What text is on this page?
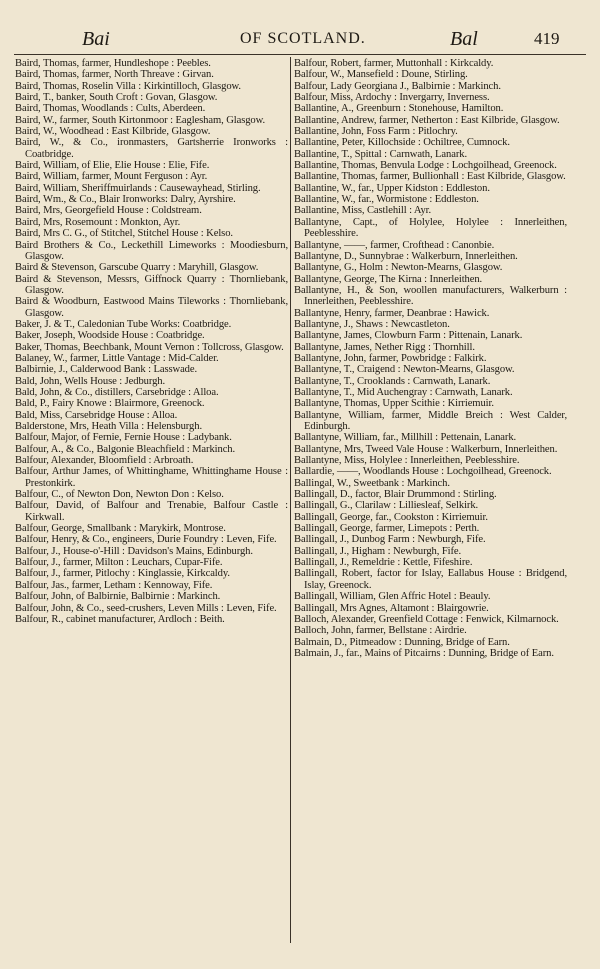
Bai	OF SCOTLAND.	Bal	419

Baird, Thomas, farmer, Hundleshope : Peebles.

Baird, Thomas, farmer, North Threave : Girvan.

Baird, Thomas, Roselin Villa : Kirkintilloch, Glasgow.

Baird, T., banker, South Croft : Govan, Glasgow.

Baird, Thomas, Woodlands : Cults, Aberdeen.

Baird, W., farmer, South Kirtonmoor : Eaglesham, Glasgow.

Baird, W., Woodhead : East Kilbride, Glasgow.

Baird, W., & Co., ironmasters, Gartsherrie Ironworks : Coatbridge.

Baird, William, of Elie, Elie House : Elie, Fife.

Baird, William, farmer, Mount Ferguson : Ayr.

Baird, William, Sheriffmuirlands : Causewayhead, Stirling.

Baird, Wm., & Co., Blair Ironworks: Dalry, Ayrshire.

Baird, Mrs, Georgefield House : Coldstream.

Baird, Mrs, Rosemount : Monkton, Ayr.

Baird, Mrs C. G., of Stitchel, Stitchel House : Kelso.

Baird Brothers & Co., Leckethill Limeworks : Moodiesburn, Glasgow.

Baird & Stevenson, Garscube Quarry : Maryhill, Glasgow.

Baird & Stevenson, Messrs, Giffnock Quarry : Thornliebank, Glasgow.

Baird & Woodburn, Eastwood Mains Tileworks : Thornliebank, Glasgow.

Baker, J. & T., Caledonian Tube Works: Coatbridge.

Baker, Joseph, Woodside House : Coatbridge.

Baker, Thomas, Beechbank, Mount Vernon : Tollcross, Glasgow.

Balaney, W., farmer, Little Vantage : Mid-Calder.

Balbirnie, J., Calderwood Bank : Lasswade.

Bald, John, Wells House : Jedburgh.

Bald, John, & Co., distillers, Carsebridge : Alloa.

Bald, P., Fairy Knowe : Blairmore, Greenock.

Bald, Miss, Carsebridge House : Alloa.

Balderstone, Mrs, Heath Villa : Helensburgh.

Balfour, Major, of Fernie, Fernie House : Ladybank.

Balfour, A., & Co., Balgonie Bleachfield : Markinch.

Balfour, Alexander, Bloomfield : Arbroath.

Balfour, Arthur James, of Whittinghame, Whittinghame House : Prestonkirk.

Balfour, C., of Newton Don, Newton Don : Kelso.

Balfour, David, of Balfour and Trenabie, Balfour Castle : Kirkwall.

Balfour, George, Smallbank : Marykirk, Montrose.

Balfour, Henry, & Co., engineers, Durie Foundry : Leven, Fife.

Balfour, J., House-o'-Hill : Davidson's Mains, Edinburgh.

Balfour, J., farmer, Milton : Leuchars, Cupar-Fife.

Balfour, J., farmer, Pitlochy : Kinglassie, Kirkcaldy.

Balfour, Jas., farmer, Letham : Kennoway, Fife.

Balfour, John, of Balbirnie, Balbirnie : Markinch.

Balfour, John, & Co., seed-crushers, Leven Mills : Leven, Fife.

Balfour, R., cabinet manufacturer, Ardloch : Beith.

Balfour, Robert, farmer, Muttonhall : Kirkcaldy.

Balfour, W., Mansefield : Doune, Stirling.

Balfour, Lady Georgiana J., Balbirnie : Markinch.

Balfour, Miss, Ardochy : Invergarry, Inverness.

Ballantine, A., Greenburn : Stonehouse, Hamilton.

Ballantine, Andrew, farmer, Netherton : East Kilbride, Glasgow.

Ballantine, John, Foss Farm : Pitlochry.

Ballantine, Peter, Killochside : Ochiltree, Cumnock.

Ballantine, T., Spittal : Carnwath, Lanark.

Ballantine, Thomas, Benvula Lodge : Lochgoilhead, Greenock.

Ballantine, Thomas, farmer, Bullionhall : East Kilbride, Glasgow.

Ballantine, W., far., Upper Kidston : Eddleston.

Ballantine, W., far., Wormistone : Eddleston.

Ballantine, Miss, Castlehill : Ayr.

Ballantyne, Capt., of Holylee, Holylee : Innerleithen, Peeblesshire.

Ballantyne, ——, farmer, Crofthead : Canonbie.

Ballantyne, D., Sunnybrae : Walkerburn, Innerleithen.

Ballantyne, G., Holm : Newton-Mearns, Glasgow.

Ballantyne, George, The Kirna : Innerleithen.

Ballantyne, H., & Son, woollen manufacturers, Walkerburn : Innerleithen, Peeblesshire.

Ballantyne, Henry, farmer, Deanbrae : Hawick.

Ballantyne, J., Shaws : Newcastleton.

Ballantyne, James, Clowburn Farm : Pittenain, Lanark.

Ballantyne, James, Nether Rigg : Thornhill.

Ballantyne, John, farmer, Powbridge : Falkirk.

Ballantyne, T., Craigend : Newton-Mearns, Glasgow.

Ballantyne, T., Crooklands : Carnwath, Lanark.

Ballantyne, T., Mid Auchengray : Carnwath, Lanark.

Ballantyne, Thomas, Upper Scithie : Kirriemuir.

Ballantyne, William, farmer, Middle Breich : West Calder, Edinburgh.

Ballantyne, William, far., Millhill : Pettenain, Lanark.

Ballantyne, Mrs, Tweed Vale House : Walkerburn, Innerleithen.

Ballantyne, Miss, Holylee : Innerleithen, Peeblesshire.

Ballardie, ——, Woodlands House : Lochgoilhead, Greenock.

Ballingal, W., Sweetbank : Markinch.

Ballingall, D., factor, Blair Drummond : Stirling.

Ballingall, G., Clarilaw : Lilliesleaf, Selkirk.

Ballingall, George, far., Cookston : Kirriemuir.

Ballingall, George, farmer, Limepots : Perth.

Ballingall, J., Dunbog Farm : Newburgh, Fife.

Ballingall, J., Higham : Newburgh, Fife.

Ballingall, J., Remeldrie : Kettle, Fifeshire.

Ballingall, Robert, factor for Islay, Eallabus House : Bridgend, Islay, Greenock.

Ballingall, William, Glen Affric Hotel : Beauly.

Ballingall, Mrs Agnes, Altamont : Blairgowrie.

Balloch, Alexander, Greenfield Cottage : Fenwick, Kilmarnock.

Balloch, John, farmer, Bellstane : Airdrie.

Balmain, D., Pitmeadow : Dunning, Bridge of Earn.

Balmain, J., far., Mains of Pitcairns : Dunning, Bridge of Earn.
